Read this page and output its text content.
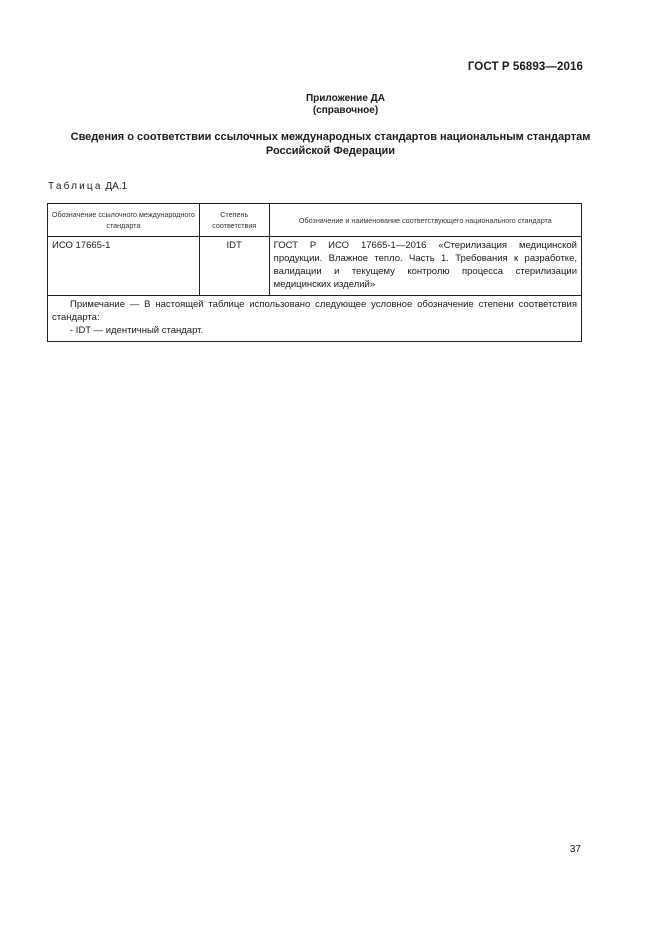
ГОСТ Р 56893—2016
Приложение ДА
(справочное)
Сведения о соответствии ссылочных международных стандартов национальным стандартам
Российской Федерации
Таблица ДА.1
Обозначение ссылочного международного стандарта	Степень соответствия	Обозначение и наименование соответствующего национального стандарта
ИСО 17665-1	IDT	ГОСТ Р ИСО 17665-1—2016 «Стерилизация медицинской продукции. Влажное тепло. Часть 1. Требования к разработке, валидации и текущему контролю процесса стерилизации медицинских изделий»

Примечание — В настоящей таблице использовано следующее условное обозначение степени соответствия стандарта:
- IDT — идентичный стандарт.		
37
